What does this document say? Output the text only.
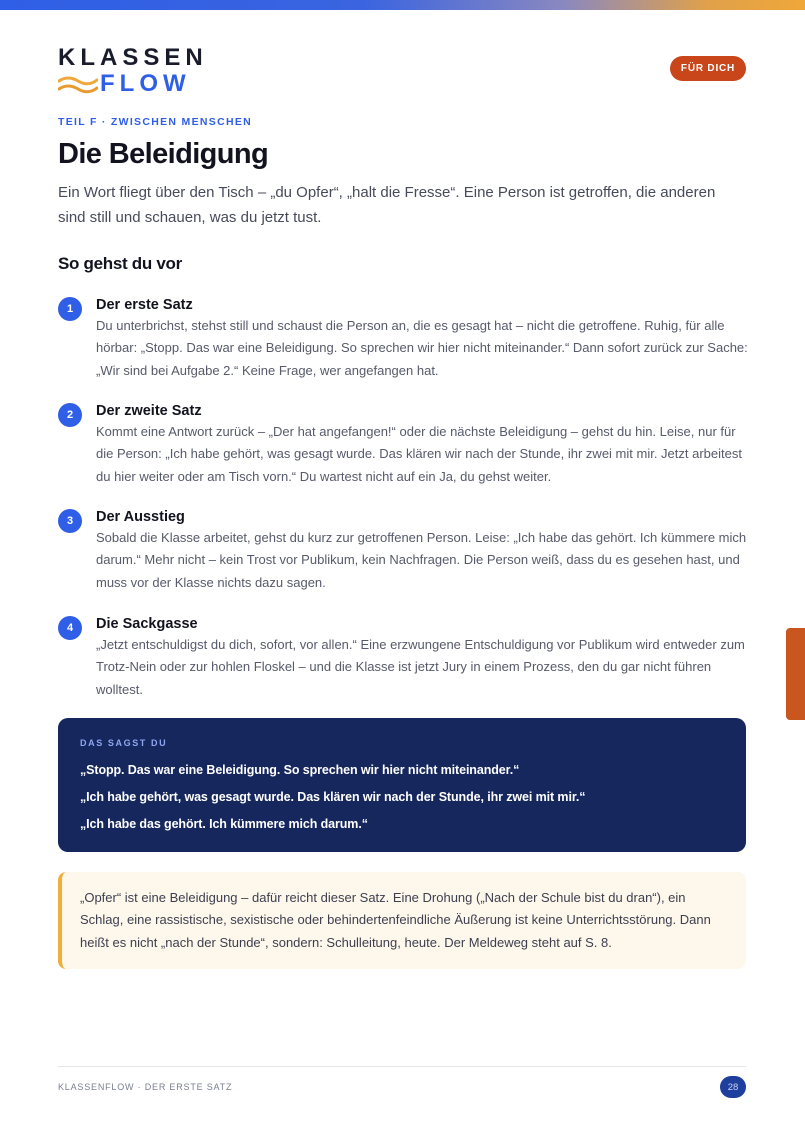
KLASSEN
FLOW
FÜR DICH
TEIL F · ZWISCHEN MENSCHEN
Die Beleidigung

Ein Wort fliegt über den Tisch – „du Opfer“, „halt die Fresse“. Eine Person ist getroffen, die anderen sind still und schauen, was du jetzt tust.

So gehst du vor
1	Der erste Satz

Du unterbrichst, stehst still und schaust die Person an, die es gesagt hat – nicht die getroffene. Ruhig, für alle hörbar: „Stopp. Das war eine Beleidigung. So sprechen wir hier nicht miteinander.“ Dann sofort zurück zur Sache: „Wir sind bei Aufgabe 2.“ Keine Frage, wer angefangen hat.

2	Der zweite Satz

Kommt eine Antwort zurück – „Der hat angefangen!“ oder die nächste Beleidigung – gehst du hin. Leise, nur für die Person: „Ich habe gehört, was gesagt wurde. Das klären wir nach der Stunde, ihr zwei mit mir. Jetzt arbeitest du hier weiter oder am Tisch vorn.“ Du wartest nicht auf ein Ja, du gehst weiter.

3	Der Ausstieg

Sobald die Klasse arbeitet, gehst du kurz zur getroffenen Person. Leise: „Ich habe das gehört. Ich kümmere mich darum.“ Mehr nicht – kein Trost vor Publikum, kein Nachfragen. Die Person weiß, dass du es gesehen hast, und muss vor der Klasse nichts dazu sagen.

4	Die Sackgasse

„Jetzt entschuldigst du dich, sofort, vor allen.“ Eine erzwungene Entschuldigung vor Publikum wird entweder zum Trotz-Nein oder zur hohlen Floskel – und die Klasse ist jetzt Jury in einem Prozess, den du gar nicht führen wolltest.

DAS SAGST DU
„Stopp. Das war eine Beleidigung. So sprechen wir hier nicht miteinander.“
„Ich habe gehört, was gesagt wurde. Das klären wir nach der Stunde, ihr zwei mit mir.“
„Ich habe das gehört. Ich kümmere mich darum.“

„Opfer“ ist eine Beleidigung – dafür reicht dieser Satz. Eine Drohung („Nach der Schule bist du dran“), ein Schlag, eine rassistische, sexistische oder behindertenfeindliche Äußerung ist keine Unterrichtsstörung. Dann heißt es nicht „nach der Stunde“, sondern: Schulleitung, heute. Der Meldeweg steht auf S. 8.

KLASSENFLOW · DER ERSTE SATZ	28
